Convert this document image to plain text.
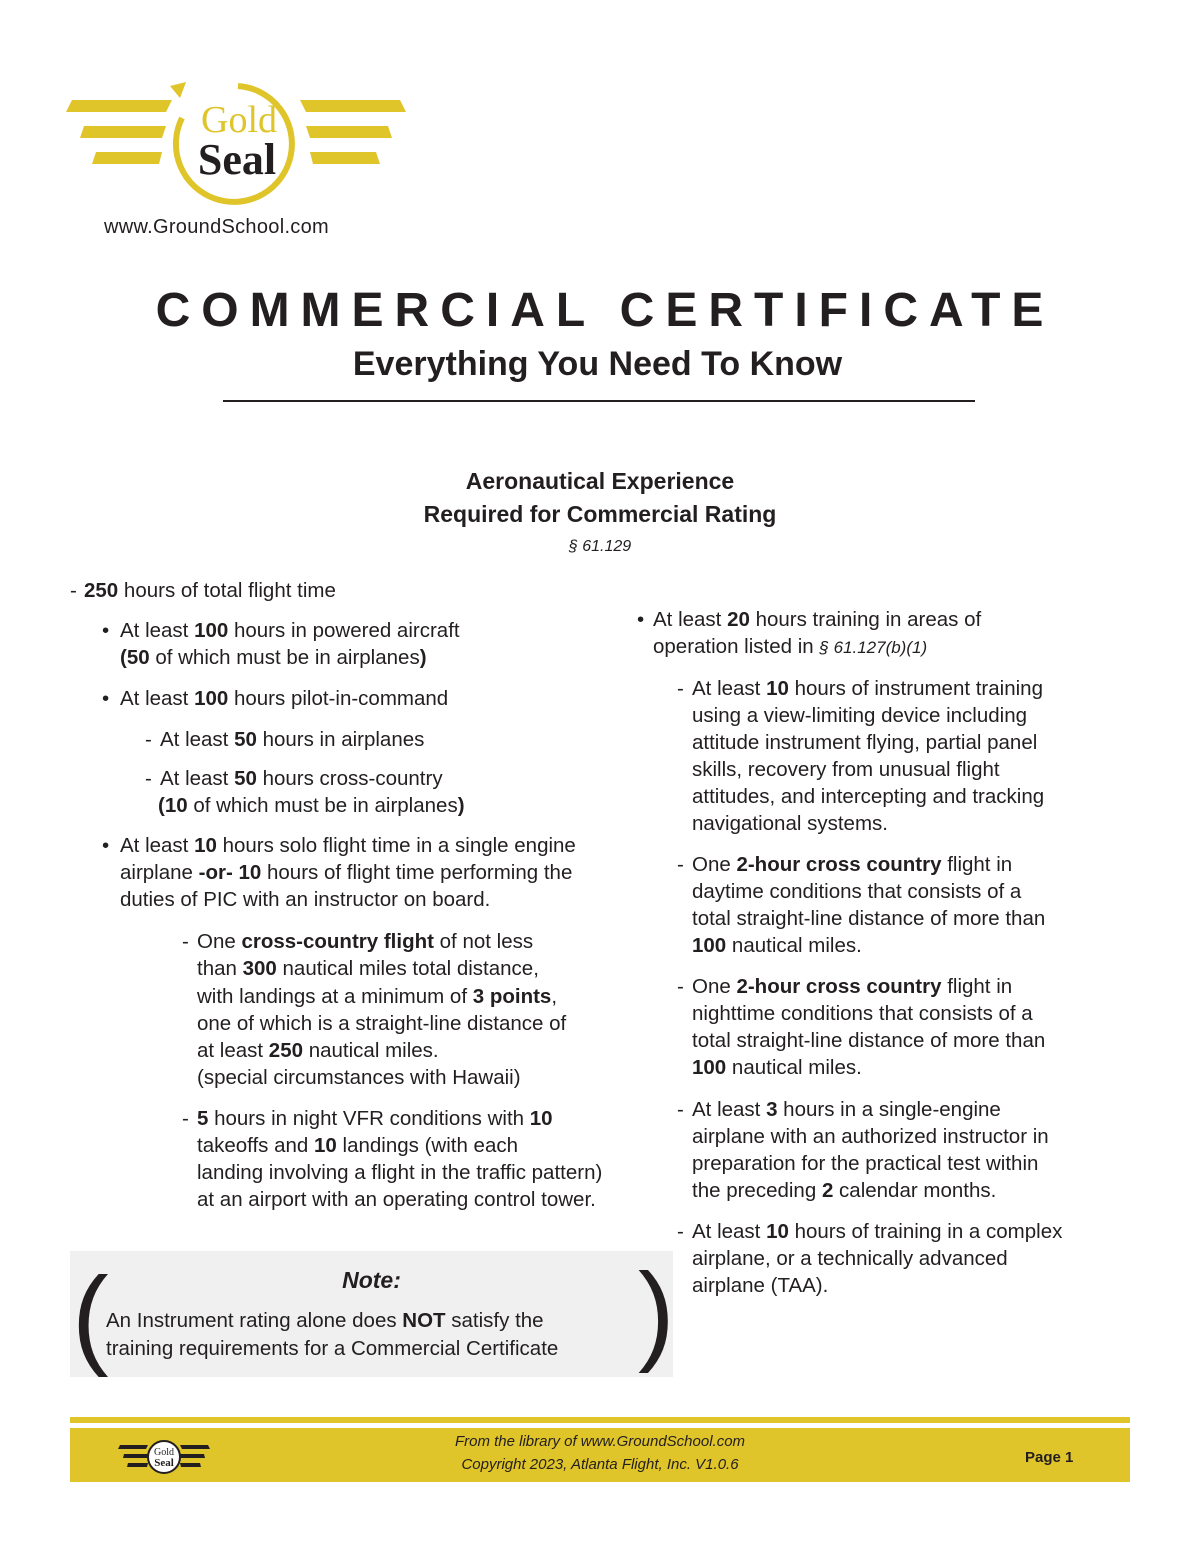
Gold
Seal
www.GroundSchool.com
COMMERCIAL CERTIFICATE
Everything You Need To Know
Aeronautical Experience
Required for Commercial Rating
§ 61.129
- 250 hours of total flight time
• At least 100 hours in powered aircraft
(50 of which must be in airplanes)
• At least 100 hours pilot-in-command
- At least 50 hours in airplanes
- At least 50 hours cross-country
(10 of which must be in airplanes)
• At least 10 hours solo flight time in a single engine
airplane -or- 10 hours of flight time performing the
duties of PIC with an instructor on board.
- One cross-country flight of not less
than 300 nautical miles total distance,
with landings at a minimum of 3 points,
one of which is a straight-line distance of
at least 250 nautical miles.
(special circumstances with Hawaii)
- 5 hours in night VFR conditions with 10
takeoffs and 10 landings (with each
landing involving a flight in the traffic pattern)
at an airport with an operating control tower.
• At least 20 hours training in areas of
operation listed in § 61.127(b)(1)
- At least 10 hours of instrument training
using a view-limiting device including
attitude instrument flying, partial panel
skills, recovery from unusual flight
attitudes, and intercepting and tracking
navigational systems.
- One 2-hour cross country flight in
daytime conditions that consists of a
total straight-line distance of more than
100 nautical miles.
- One 2-hour cross country flight in
nighttime conditions that consists of a
total straight-line distance of more than
100 nautical miles.
- At least 3 hours in a single-engine
airplane with an authorized instructor in
preparation for the practical test within
the preceding 2 calendar months.
- At least 10 hours of training in a complex
airplane, or a technically advanced
airplane (TAA).
(	)
Note:
An Instrument rating alone does NOT satisfy the
training requirements for a Commercial Certificate
Gold
Seal
From the library of www.GroundSchool.com
Copyright 2023, Atlanta Flight, Inc. V1.0.6	Page 1
